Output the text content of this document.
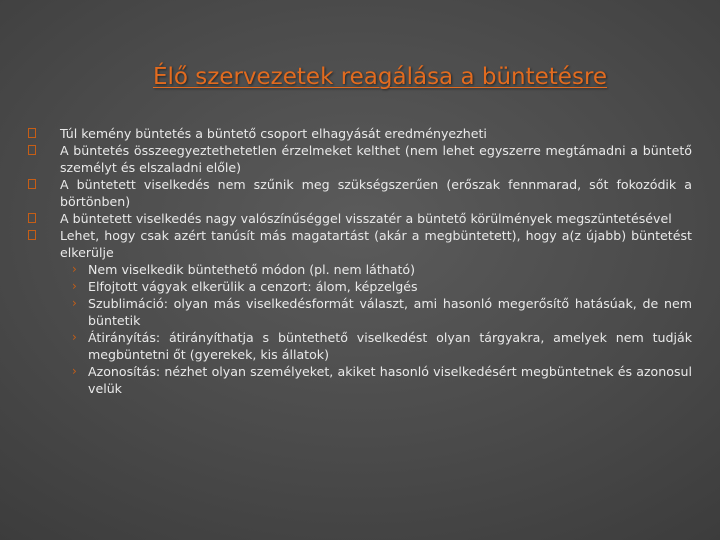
Élő szervezetek reagálása a büntetésre
Túl kemény büntetés a büntető csoport elhagyását eredményezheti
A büntetés összeegyeztethetetlen érzelmeket kelthet (nem lehet egyszerre megtámadni a büntető személyt és elszaladni előle)
A büntetett viselkedés nem szűnik meg szükségszerűen (erőszak fennmarad, sőt fokozódik a börtönben)
A büntetett viselkedés nagy valószínűséggel visszatér a büntető körülmények megszüntetésével
Lehet, hogy csak azért tanúsít más magatartást (akár a megbüntetett), hogy a(z újabb) büntetést elkerülje
› Nem viselkedik büntethető módon (pl. nem látható)
› Elfojtott vágyak elkerülik a cenzort: álom, képzelgés
› Szublimáció: olyan más viselkedésformát választ, ami hasonló megerősítő hatásúak, de nem büntetik
› Átirányítás: átirányíthatja s büntethető viselkedést olyan tárgyakra, amelyek nem tudják megbüntetni őt (gyerekek, kis állatok)
› Azonosítás: nézhet olyan személyeket, akiket hasonló viselkedésért megbüntetnek és azonosul velük
